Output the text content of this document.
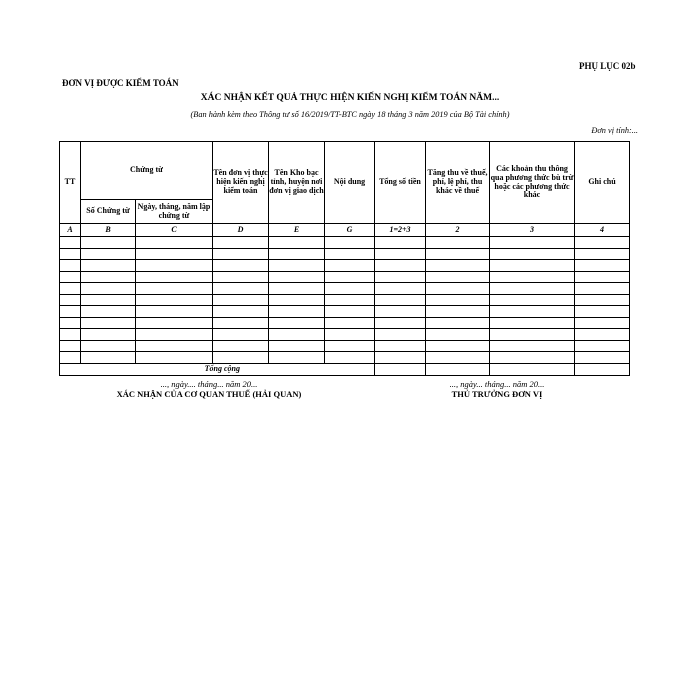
PHỤ LỤC 02b
ĐƠN VỊ ĐƯỢC KIỂM TOÁN
XÁC NHẬN KẾT QUẢ THỰC HIỆN KIẾN NGHỊ KIỂM TOÁN NĂM...
(Ban hành kèm theo Thông tư số 16/2019/TT-BTC ngày 18 tháng 3 năm 2019 của Bộ Tài chính)
Đơn vị tính:...
TT	Chứng từ		Tên đơn vị thực hiện kiến nghị kiểm toán	Tên Kho bạc tỉnh, huyện nơi đơn vị giao dịch	Nội dung	Tổng số tiền	Tăng thu về thuế, phí, lệ phí, thu khác về thuế	Các khoản thu thông qua phương thức bù trừ hoặc các phương thức khác	Ghi chú
	Số Chứng từ	Ngày, tháng, năm lập chứng từ							
A	B	C	D	E	G	1=2+3	2	3	4

Tổng cộng									
..., ngày.... tháng... năm 20...
XÁC NHẬN CỦA CƠ QUAN THUẾ (HẢI QUAN)
..., ngày... tháng... năm 20...
THỦ TRƯỞNG ĐƠN VỊ
